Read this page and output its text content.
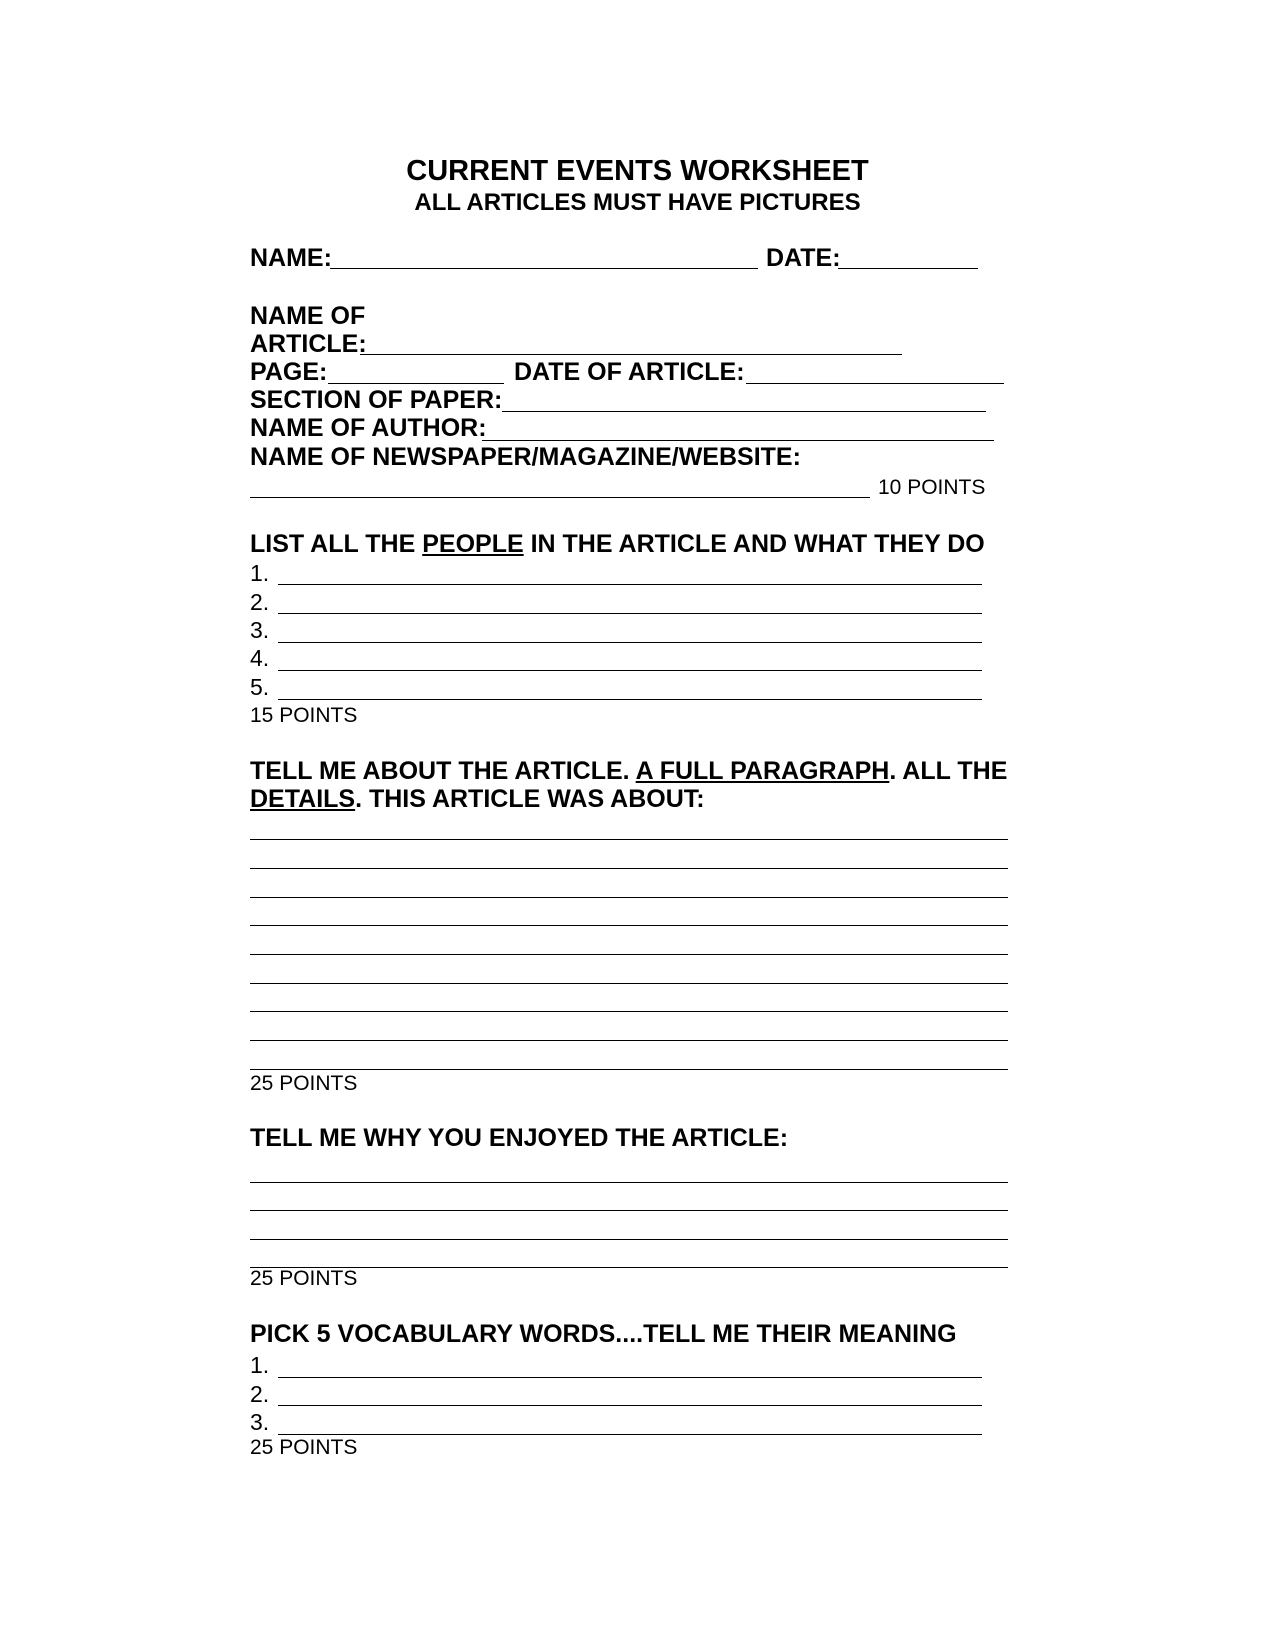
CURRENT EVENTS WORKSHEET
ALL ARTICLES MUST HAVE PICTURES
NAME:	DATE:
NAME OF
ARTICLE:
PAGE:	DATE OF ARTICLE:
SECTION OF PAPER:
NAME OF AUTHOR:
NAME OF NEWSPAPER/MAGAZINE/WEBSITE:
10 POINTS
LIST ALL THE PEOPLE IN THE ARTICLE AND WHAT THEY DO
1.
2.
3.
4.
5.
15 POINTS
TELL ME ABOUT THE ARTICLE. A FULL PARAGRAPH. ALL THE
DETAILS. THIS ARTICLE WAS ABOUT:
25 POINTS
TELL ME WHY YOU ENJOYED THE ARTICLE:
25 POINTS
PICK 5 VOCABULARY WORDS....TELL ME THEIR MEANING
1.
2.
3.
25 POINTS
